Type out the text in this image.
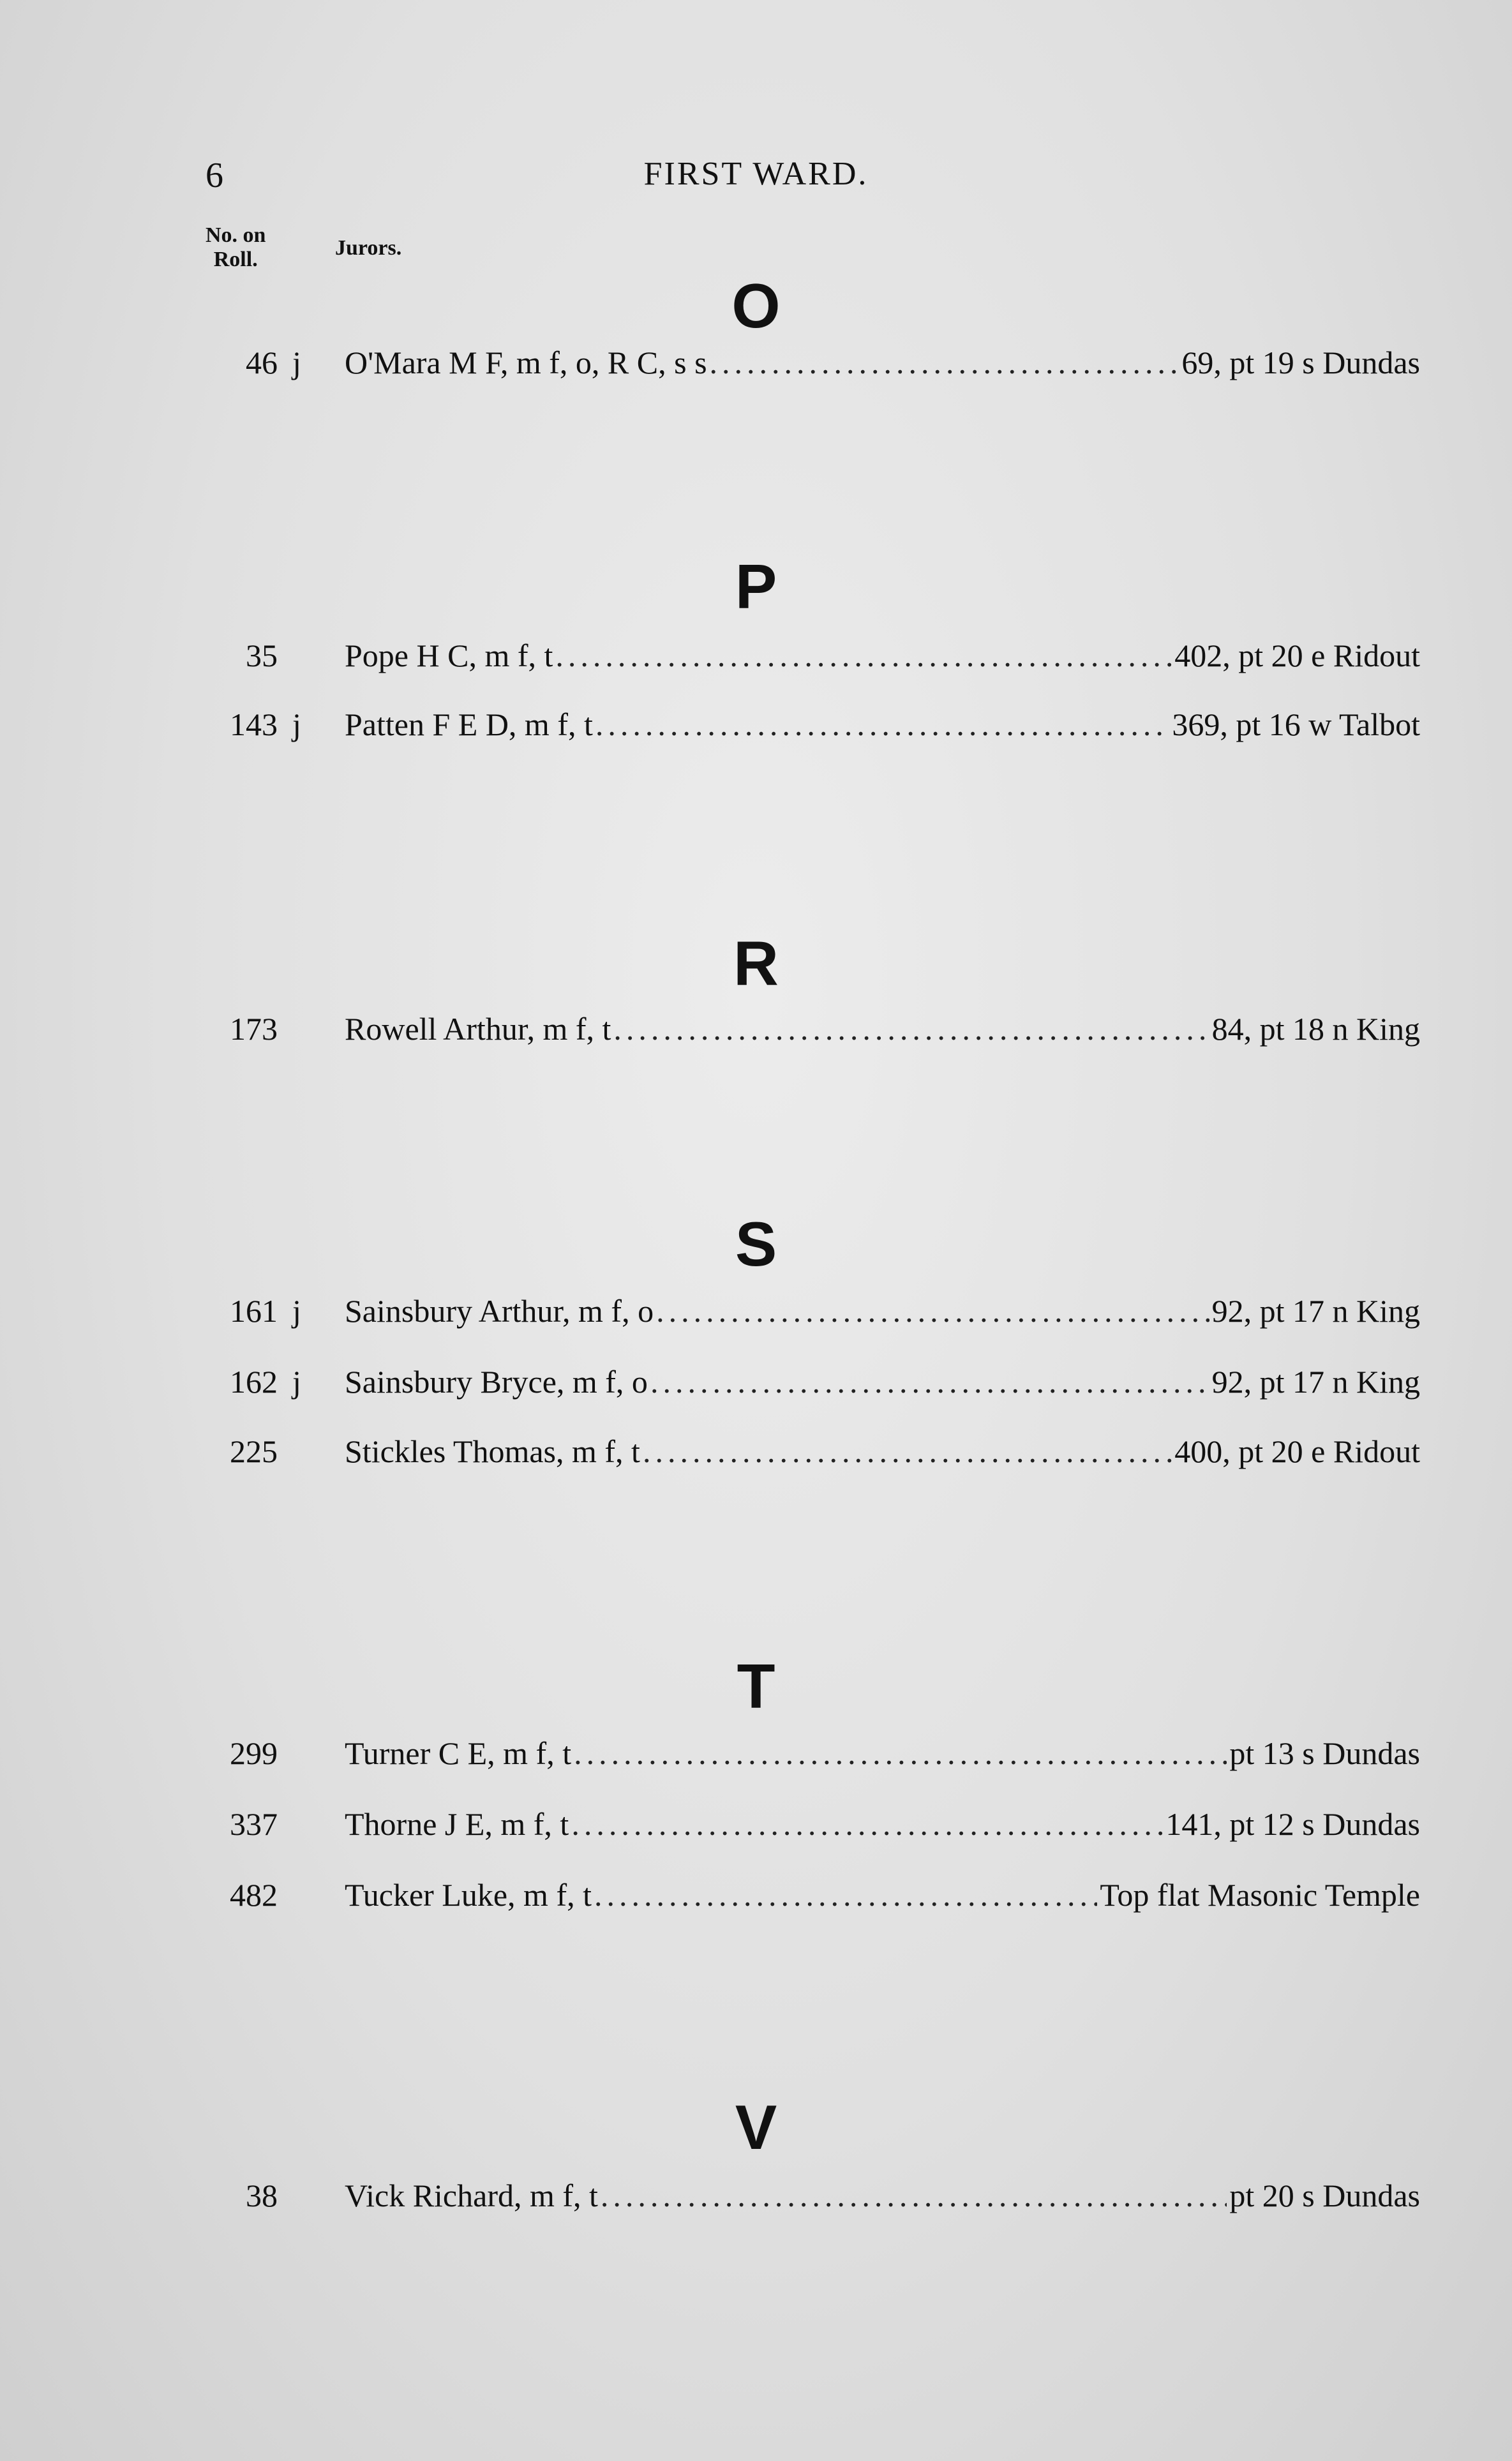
6	FIRST WARD.
No. on
Roll.	Jurors.
O
46 j O'Mara M F, m f, o, R C, s s .....	69, pt 19 s Dundas
P
35 Pope H C, m f, t .....	402, pt 20 e Ridout
143 j Patten F E D, m f, t .....	369, pt 16 w Talbot
R
173 Rowell Arthur, m f, t .....	84, pt 18 n King
S
161 j Sainsbury Arthur, m f, o .....	92, pt 17 n King
162 j Sainsbury Bryce, m f, o .....	92, pt 17 n King
225 Stickles Thomas, m f, t .....	400, pt 20 e Ridout
T
299 Turner C E, m f, t .....	pt 13 s Dundas
337 Thorne J E, m f, t .....	141, pt 12 s Dundas
482 Tucker Luke, m f, t .....	Top flat Masonic Temple
V
38 Vick Richard, m f, t .....	pt 20 s Dundas
